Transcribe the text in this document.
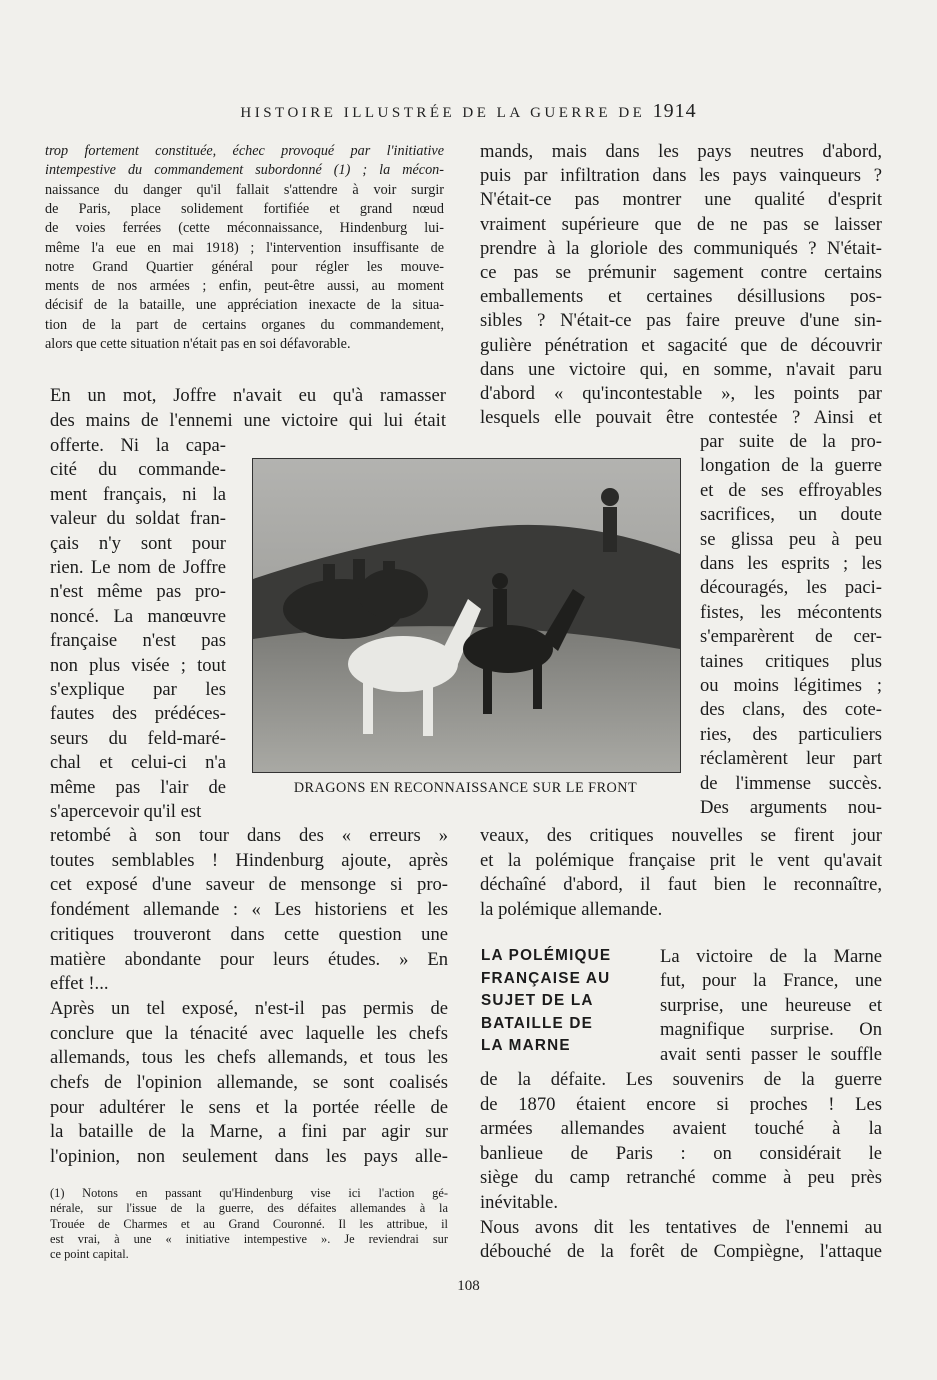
HISTOIRE ILLUSTRÉE DE LA GUERRE DE 1914
trop fortement constituée, échec provoqué par l'initiative
intempestive du commandement subordonné (1) ; la mécon-
naissance du danger qu'il fallait s'attendre à voir surgir
de Paris, place solidement fortifiée et grand nœud
de voies ferrées (cette méconnaissance, Hindenburg lui-
même l'a eue en mai 1918) ; l'intervention insuffisante de
notre Grand Quartier général pour régler les mouve-
ments de nos armées ; enfin, peut-être aussi, au moment
décisif de la bataille, une appréciation inexacte de la situa-
tion de la part de certains organes du commandement,
alors que cette situation n'était pas en soi défavorable.
En un mot, Joffre n'avait eu qu'à ramasser
des mains de l'ennemi une victoire qui lui était
offerte. Ni la capa-
cité du commande-
ment français, ni la
valeur du soldat fran-
çais n'y sont pour
rien. Le nom de Joffre
n'est même pas pro-
noncé. La manœuvre
française n'est pas
non plus visée ; tout
s'explique par les
fautes des prédéces-
seurs du feld-maré-
chal et celui-ci n'a
même pas l'air de
s'apercevoir qu'il est
retombé à son tour dans des « erreurs »
toutes semblables ! Hindenburg ajoute, après
cet exposé d'une saveur de mensonge si pro-
fondément allemande : « Les historiens et les
critiques trouveront dans cette question une
matière abondante pour leurs études. » En
effet !...
Après un tel exposé, n'est-il pas permis de
conclure que la ténacité avec laquelle les chefs
allemands, tous les chefs allemands, et tous les
chefs de l'opinion allemande, se sont coalisés
pour adultérer le sens et la portée réelle de
la bataille de la Marne, a fini par agir sur
l'opinion, non seulement dans les pays alle-
mands, mais dans les pays neutres d'abord,
puis par infiltration dans les pays vainqueurs ?
N'était-ce pas montrer une qualité d'esprit
vraiment supérieure que de ne pas se laisser
prendre à la gloriole des communiqués ? N'était-
ce pas se prémunir sagement contre certains
emballements et certaines désillusions pos-
sibles ? N'était-ce pas faire preuve d'une sin-
gulière pénétration et sagacité que de découvrir
dans une victoire qui, en somme, n'avait paru
d'abord « qu'incontestable », les points par
lesquels elle pouvait être contestée ? Ainsi et
par suite de la pro-
longation de la guerre
et de ses effroyables
sacrifices, un doute
se glissa peu à peu
dans les esprits ; les
découragés, les paci-
fistes, les mécontents
s'emparèrent de cer-
taines critiques plus
ou moins légitimes ;
des clans, des cote-
ries, des particuliers
réclamèrent leur part
de l'immense succès.
Des arguments nou-
veaux, des critiques nouvelles se firent jour
et la polémique française prit le vent qu'avait
déchaîné d'abord, il faut bien le reconnaître,
la polémique allemande.
La victoire de la Marne
fut, pour la France, une
surprise, une heureuse et
magnifique surprise. On
avait senti passer le souffle
de la défaite. Les souvenirs de la guerre
de 1870 étaient encore si proches ! Les
armées allemandes avaient touché à la
banlieue de Paris : on considérait le
siège du camp retranché comme à peu près
inévitable.
Nous avons dit les tentatives de l'ennemi au
débouché de la forêt de Compiègne, l'attaque
(1) Notons en passant qu'Hindenburg vise ici l'action gé-
nérale, sur l'issue de la guerre, des défaites allemandes à la
Trouée de Charmes et au Grand Couronné. Il les attribue, il
est vrai, à une « initiative intempestive ». Je reviendrai sur
ce point capital.
DRAGONS EN RECONNAISSANCE SUR LE FRONT
LA POLÉMIQUE
FRANÇAISE AU
SUJET DE LA
BATAILLE DE
LA MARNE
108
